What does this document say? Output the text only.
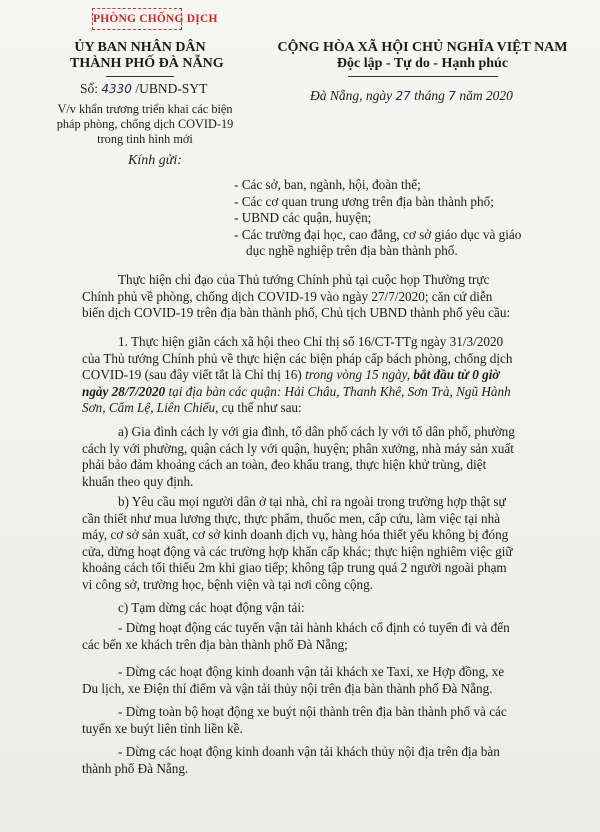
PHÒNG CHỐNG DỊCH
ỦY BAN NHÂN DÂN
THÀNH PHỐ ĐÀ NẴNG
Số: 4330 /UBND-SYT
V/v khẩn trương triển khai các biện
pháp phòng, chống dịch COVID-19
trong tình hình mới
CỘNG HÒA XÃ HỘI CHỦ NGHĨA VIỆT NAM
Độc lập - Tự do - Hạnh phúc
Đà Nẵng, ngày 27 tháng 7 năm 2020
Kính gửi:
- Các sở, ban, ngành, hội, đoàn thể;
- Các cơ quan trung ương trên địa bàn thành phố;
- UBND các quận, huyện;
- Các trường đại học, cao đẳng, cơ sở giáo dục và giáo
dục nghề nghiệp trên địa bàn thành phố.
Thực hiện chỉ đạo của Thủ tướng Chính phủ tại cuộc họp Thường trực
Chính phủ về phòng, chống dịch COVID-19 vào ngày 27/7/2020; căn cứ diễn
biến dịch COVID-19 trên địa bàn thành phố, Chủ tịch UBND thành phố yêu cầu:
1. Thực hiện giãn cách xã hội theo Chỉ thị số 16/CT-TTg ngày 31/3/2020
của Thủ tướng Chính phủ về thực hiện các biện pháp cấp bách phòng, chống dịch
COVID-19 (sau đây viết tắt là Chỉ thị 16) trong vòng 15 ngày, bắt đầu từ 0 giờ
ngày 28/7/2020 tại địa bàn các quận: Hải Châu, Thanh Khê, Sơn Trà, Ngũ Hành
Sơn, Cẩm Lệ, Liên Chiểu, cụ thể như sau:
a) Gia đình cách ly với gia đình, tổ dân phố cách ly với tổ dân phố, phường
cách ly với phường, quận cách ly với quận, huyện; phân xưởng, nhà máy sản xuất
phải bảo đảm khoảng cách an toàn, đeo khẩu trang, thực hiện khử trùng, diệt
khuẩn theo quy định.
b) Yêu cầu mọi người dân ở tại nhà, chỉ ra ngoài trong trường hợp thật sự
cần thiết như mua lương thực, thực phẩm, thuốc men, cấp cứu, làm việc tại nhà
máy, cơ sở sản xuất, cơ sở kinh doanh dịch vụ, hàng hóa thiết yếu không bị đóng
cửa, dừng hoạt động và các trường hợp khẩn cấp khác; thực hiện nghiêm việc giữ
khoảng cách tối thiểu 2m khi giao tiếp; không tập trung quá 2 người ngoài phạm
vi công sở, trường học, bệnh viện và tại nơi công cộng.
c) Tạm dừng các hoạt động vận tải:
- Dừng hoạt động các tuyến vận tải hành khách cố định có tuyến đi và đến
các bến xe khách trên địa bàn thành phố Đà Nẵng;
- Dừng các hoạt động kinh doanh vận tải khách xe Taxi, xe Hợp đồng, xe
Du lịch, xe Điện thí điểm và vận tải thủy nội trên địa bàn thành phố Đà Nẵng.
- Dừng toàn bộ hoạt động xe buýt nội thành trên địa bàn thành phố và các
tuyến xe buýt liên tỉnh liền kề.
- Dừng các hoạt động kinh doanh vận tải khách thủy nội địa trên địa bàn
thành phố Đà Nẵng.
